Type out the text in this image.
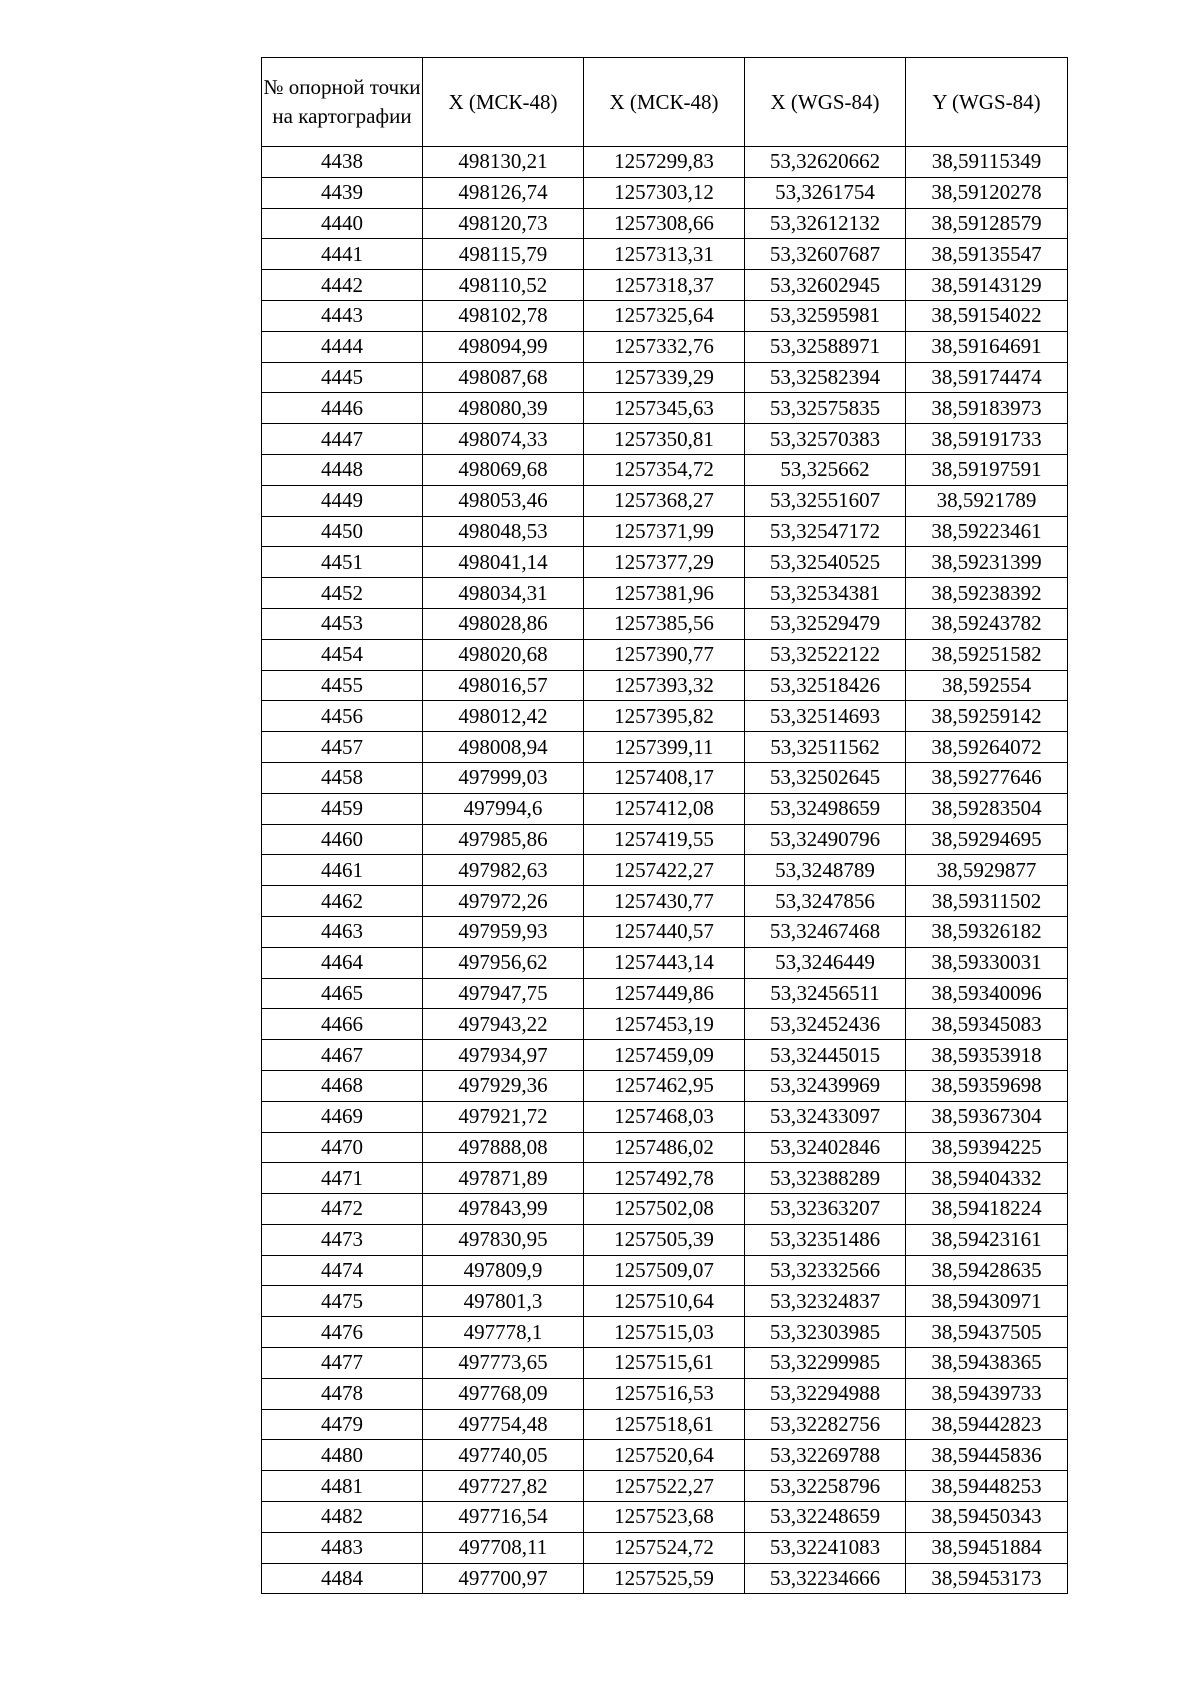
№ опорной точки на картографии	X (МСК-48)	X (МСК-48)	X (WGS-84)	Y (WGS-84)
4438	498130,21	1257299,83	53,32620662	38,59115349
4439	498126,74	1257303,12	53,3261754	38,59120278
4440	498120,73	1257308,66	53,32612132	38,59128579
4441	498115,79	1257313,31	53,32607687	38,59135547
4442	498110,52	1257318,37	53,32602945	38,59143129
4443	498102,78	1257325,64	53,32595981	38,59154022
4444	498094,99	1257332,76	53,32588971	38,59164691
4445	498087,68	1257339,29	53,32582394	38,59174474
4446	498080,39	1257345,63	53,32575835	38,59183973
4447	498074,33	1257350,81	53,32570383	38,59191733
4448	498069,68	1257354,72	53,325662	38,59197591
4449	498053,46	1257368,27	53,32551607	38,5921789
4450	498048,53	1257371,99	53,32547172	38,59223461
4451	498041,14	1257377,29	53,32540525	38,59231399
4452	498034,31	1257381,96	53,32534381	38,59238392
4453	498028,86	1257385,56	53,32529479	38,59243782
4454	498020,68	1257390,77	53,32522122	38,59251582
4455	498016,57	1257393,32	53,32518426	38,592554
4456	498012,42	1257395,82	53,32514693	38,59259142
4457	498008,94	1257399,11	53,32511562	38,59264072
4458	497999,03	1257408,17	53,32502645	38,59277646
4459	497994,6	1257412,08	53,32498659	38,59283504
4460	497985,86	1257419,55	53,32490796	38,59294695
4461	497982,63	1257422,27	53,3248789	38,5929877
4462	497972,26	1257430,77	53,3247856	38,59311502
4463	497959,93	1257440,57	53,32467468	38,59326182
4464	497956,62	1257443,14	53,3246449	38,59330031
4465	497947,75	1257449,86	53,32456511	38,59340096
4466	497943,22	1257453,19	53,32452436	38,59345083
4467	497934,97	1257459,09	53,32445015	38,59353918
4468	497929,36	1257462,95	53,32439969	38,59359698
4469	497921,72	1257468,03	53,32433097	38,59367304
4470	497888,08	1257486,02	53,32402846	38,59394225
4471	497871,89	1257492,78	53,32388289	38,59404332
4472	497843,99	1257502,08	53,32363207	38,59418224
4473	497830,95	1257505,39	53,32351486	38,59423161
4474	497809,9	1257509,07	53,32332566	38,59428635
4475	497801,3	1257510,64	53,32324837	38,59430971
4476	497778,1	1257515,03	53,32303985	38,59437505
4477	497773,65	1257515,61	53,32299985	38,59438365
4478	497768,09	1257516,53	53,32294988	38,59439733
4479	497754,48	1257518,61	53,32282756	38,59442823
4480	497740,05	1257520,64	53,32269788	38,59445836
4481	497727,82	1257522,27	53,32258796	38,59448253
4482	497716,54	1257523,68	53,32248659	38,59450343
4483	497708,11	1257524,72	53,32241083	38,59451884
4484	497700,97	1257525,59	53,32234666	38,59453173
